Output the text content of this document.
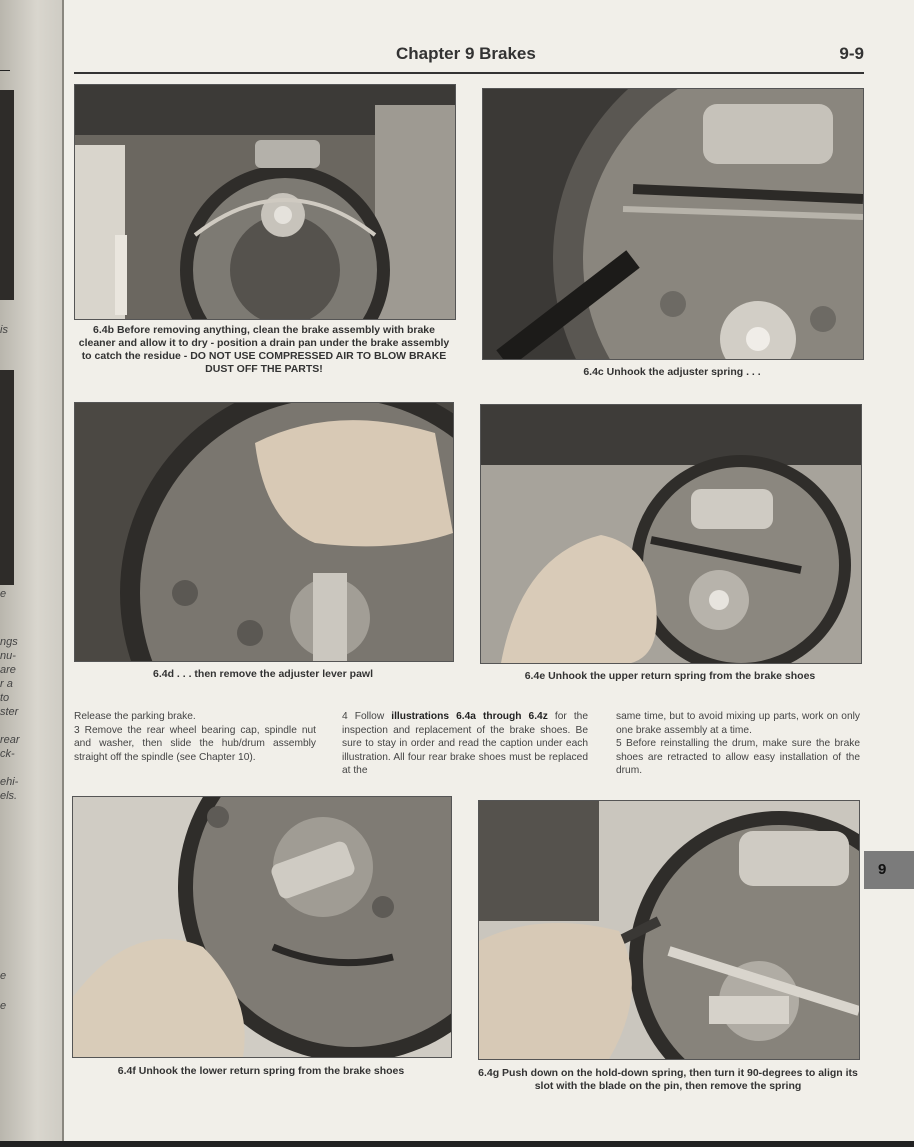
is
e
ngs
nu-
are
r a
to
ster
rear
ck-
ehi-
els.
e
e
Chapter 9 Brakes	9-9
6.4b Before removing anything, clean the brake assembly with brake cleaner and allow it to dry - position a drain pan under the brake assembly to catch the residue - DO NOT USE COMPRESSED AIR TO BLOW BRAKE DUST OFF THE PARTS!	6.4c Unhook the adjuster spring . . .
6.4d . . . then remove the adjuster lever pawl	6.4e Unhook the upper return spring from the brake shoes

Release the parking brake.

3 Remove the rear wheel bearing cap, spindle nut and washer, then slide the hub/drum assembly straight off the spindle (see Chapter 10).

4 Follow illustrations 6.4a through 6.4z for the inspection and replacement of the brake shoes. Be sure to stay in order and read the caption under each illustration. All four rear brake shoes must be replaced at the

same time, but to avoid mixing up parts, work on only one brake assembly at a time.

5 Before reinstalling the drum, make sure the brake shoes are retracted to allow easy installation of the drum.

6.4f Unhook the lower return spring from the brake shoes	6.4g Push down on the hold-down spring, then turn it 90-degrees to align its slot with the blade on the pin, then remove the spring
9
